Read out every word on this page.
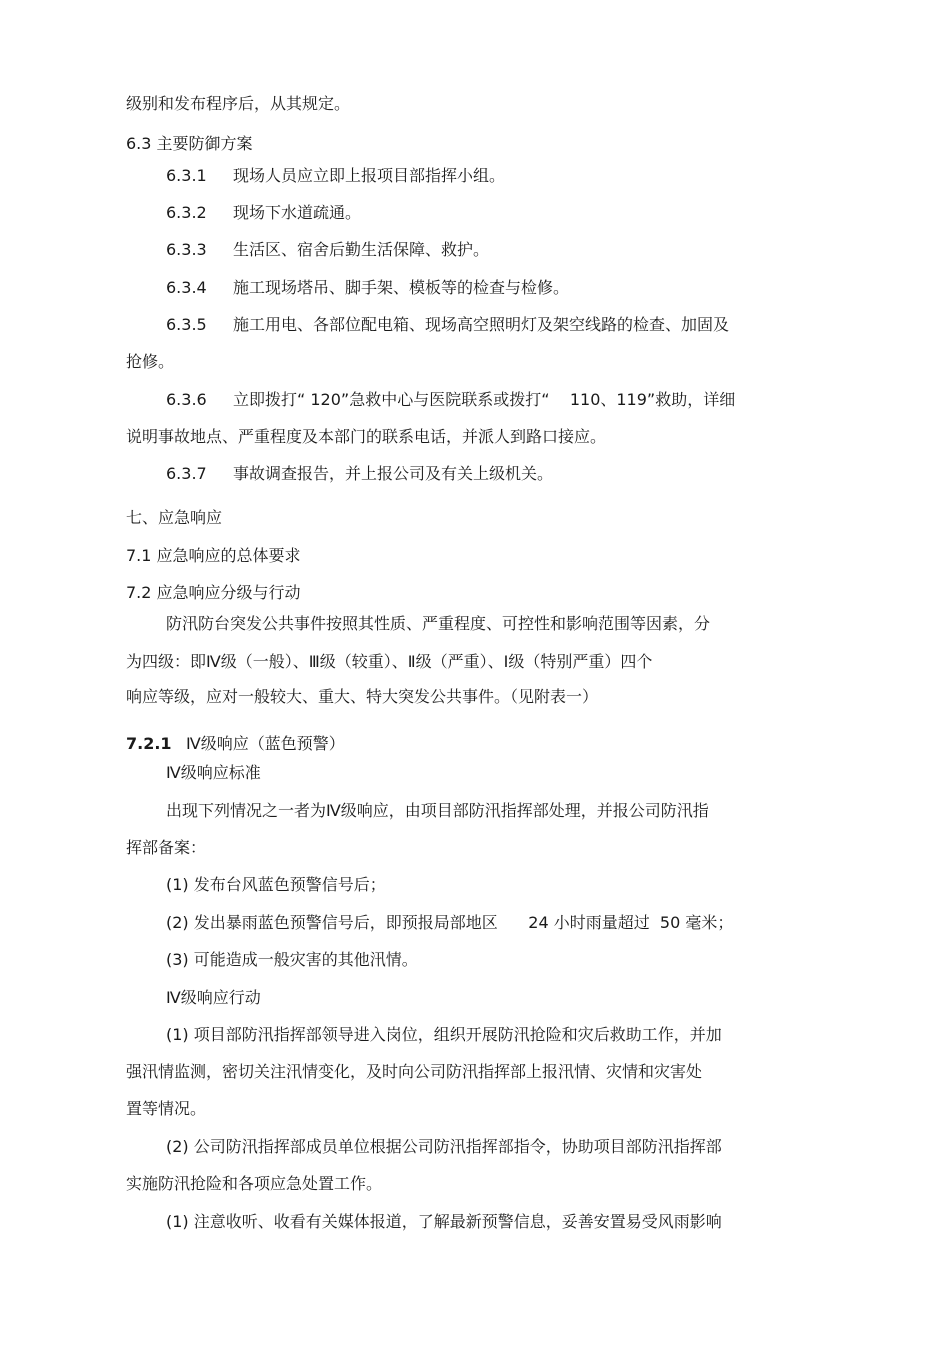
级别和发布程序后，从其规定。

6.3 主要防御方案

6.3.1 现场人员应立即上报项目部指挥小组。

6.3.2 现场下水道疏通。

6.3.3 生活区、宿舍后勤生活保障、救护。

6.3.4 施工现场塔吊、脚手架、模板等的检查与检修。

6.3.5 施工用电、各部位配电箱、现场高空照明灯及架空线路的检查、加固及

抢修。

6.3.6 立即拨打“ 120”急救中心与医院联系或拨打“    110、119”救助，详细

说明事故地点、严重程度及本部门的联系电话，并派人到路口接应。

6.3.7 事故调查报告，并上报公司及有关上级机关。

七、应急响应

7.1 应急响应的总体要求

7.2 应急响应分级与行动

防汛防台突发公共事件按照其性质、严重程度、可控性和影响范围等因素，分

为四级：即Ⅳ级（一般）、Ⅲ级（较重）、Ⅱ级（严重）、Ⅰ级（特别严重）四个

响应等级，应对一般较大、重大、特大突发公共事件。（见附表一）

7.2.1 Ⅳ级响应（蓝色预警）

Ⅳ级响应标准

出现下列情况之一者为Ⅳ级响应，由项目部防汛指挥部处理，并报公司防汛指

挥部备案：

(1) 发布台风蓝色预警信号后；

(2) 发出暴雨蓝色预警信号后，即预报局部地区      24 小时雨量超过  50 毫米；

(3) 可能造成一般灾害的其他汛情。

Ⅳ级响应行动

(1) 项目部防汛指挥部领导进入岗位，组织开展防汛抢险和灾后救助工作，并加

强汛情监测，密切关注汛情变化，及时向公司防汛指挥部上报汛情、灾情和灾害处

置等情况。

(2) 公司防汛指挥部成员单位根据公司防汛指挥部指令，协助项目部防汛指挥部

实施防汛抢险和各项应急处置工作。

(1) 注意收听、收看有关媒体报道，了解最新预警信息，妥善安置易受风雨影响
